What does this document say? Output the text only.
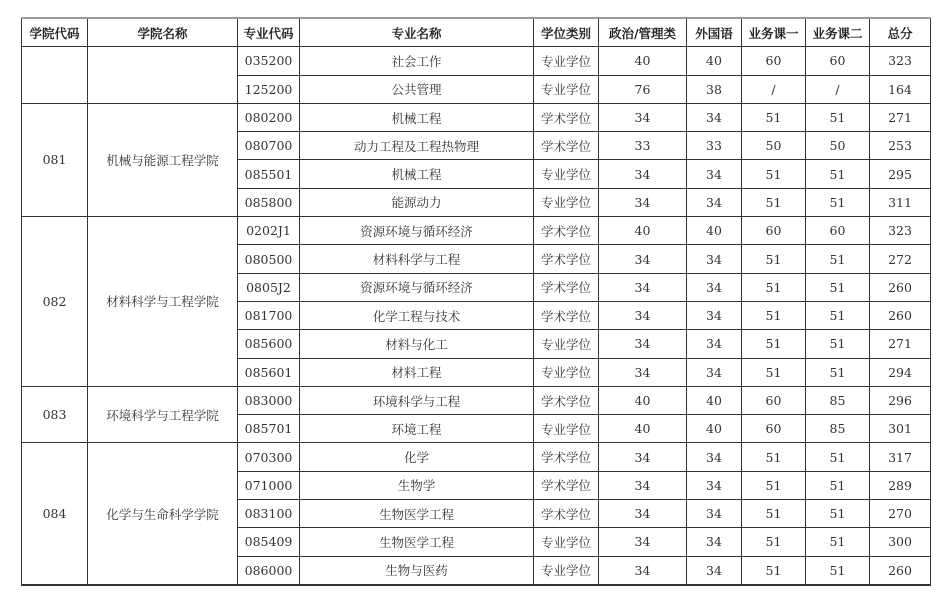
学院代码	学院名称	专业代码	专业名称	学位类别	政治/管理类	外国语	业务课一	业务课二	总分
		035200	社会工作	专业学位	40	40	60	60	323
		125200	公共管理	专业学位	76	38	/	/	164
081	机械与能源工程学院	080200	机械工程	学术学位	34	34	51	51	271
		080700	动力工程及工程热物理	学术学位	33	33	50	50	253
		085501	机械工程	专业学位	34	34	51	51	295
		085800	能源动力	专业学位	34	34	51	51	311
082	材料科学与工程学院	0202J1	资源环境与循环经济	学术学位	40	40	60	60	323
		080500	材料科学与工程	学术学位	34	34	51	51	272
		0805J2	资源环境与循环经济	学术学位	34	34	51	51	260
		081700	化学工程与技术	学术学位	34	34	51	51	260
		085600	材料与化工	专业学位	34	34	51	51	271
		085601	材料工程	专业学位	34	34	51	51	294
083	环境科学与工程学院	083000	环境科学与工程	学术学位	40	40	60	85	296
		085701	环境工程	专业学位	40	40	60	85	301
084	化学与生命科学学院	070300	化学	学术学位	34	34	51	51	317
		071000	生物学	学术学位	34	34	51	51	289
		083100	生物医学工程	学术学位	34	34	51	51	270
		085409	生物医学工程	专业学位	34	34	51	51	300
		086000	生物与医药	专业学位	34	34	51	51	260
